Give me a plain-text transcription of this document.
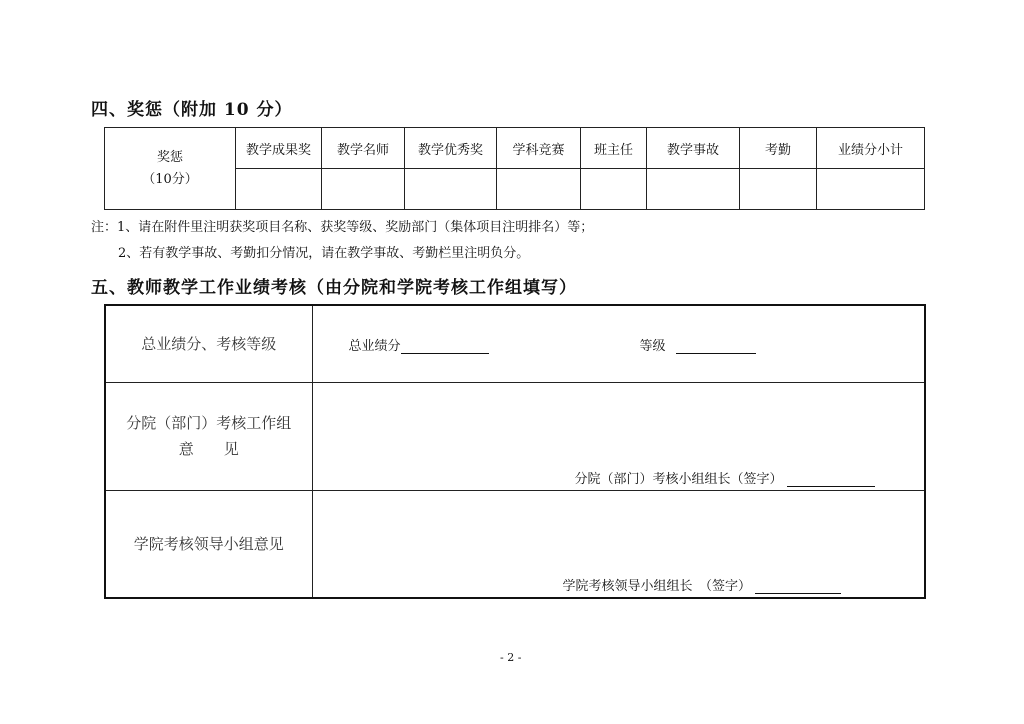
四、奖惩（附加 10 分）
奖惩
（10分）	教学成果奖	教学名师	教学优秀奖	学科竞赛	班主任	教学事故	考勤	业绩分小计

注：1、请在附件里注明获奖项目名称、获奖等级、奖励部门（集体项目注明排名）等；
2、若有教学事故、考勤扣分情况，请在教学事故、考勤栏里注明负分。
五、教师教学工作业绩考核（由分院和学院考核工作组填写）
总业绩分、考核等级	总业绩分 等级

分院（部门）考核工作组
意　　见	分院（部门）考核小组组长（签字）

学院考核领导小组意见	学院考核领导小组组长　（签字）
- 2 -
